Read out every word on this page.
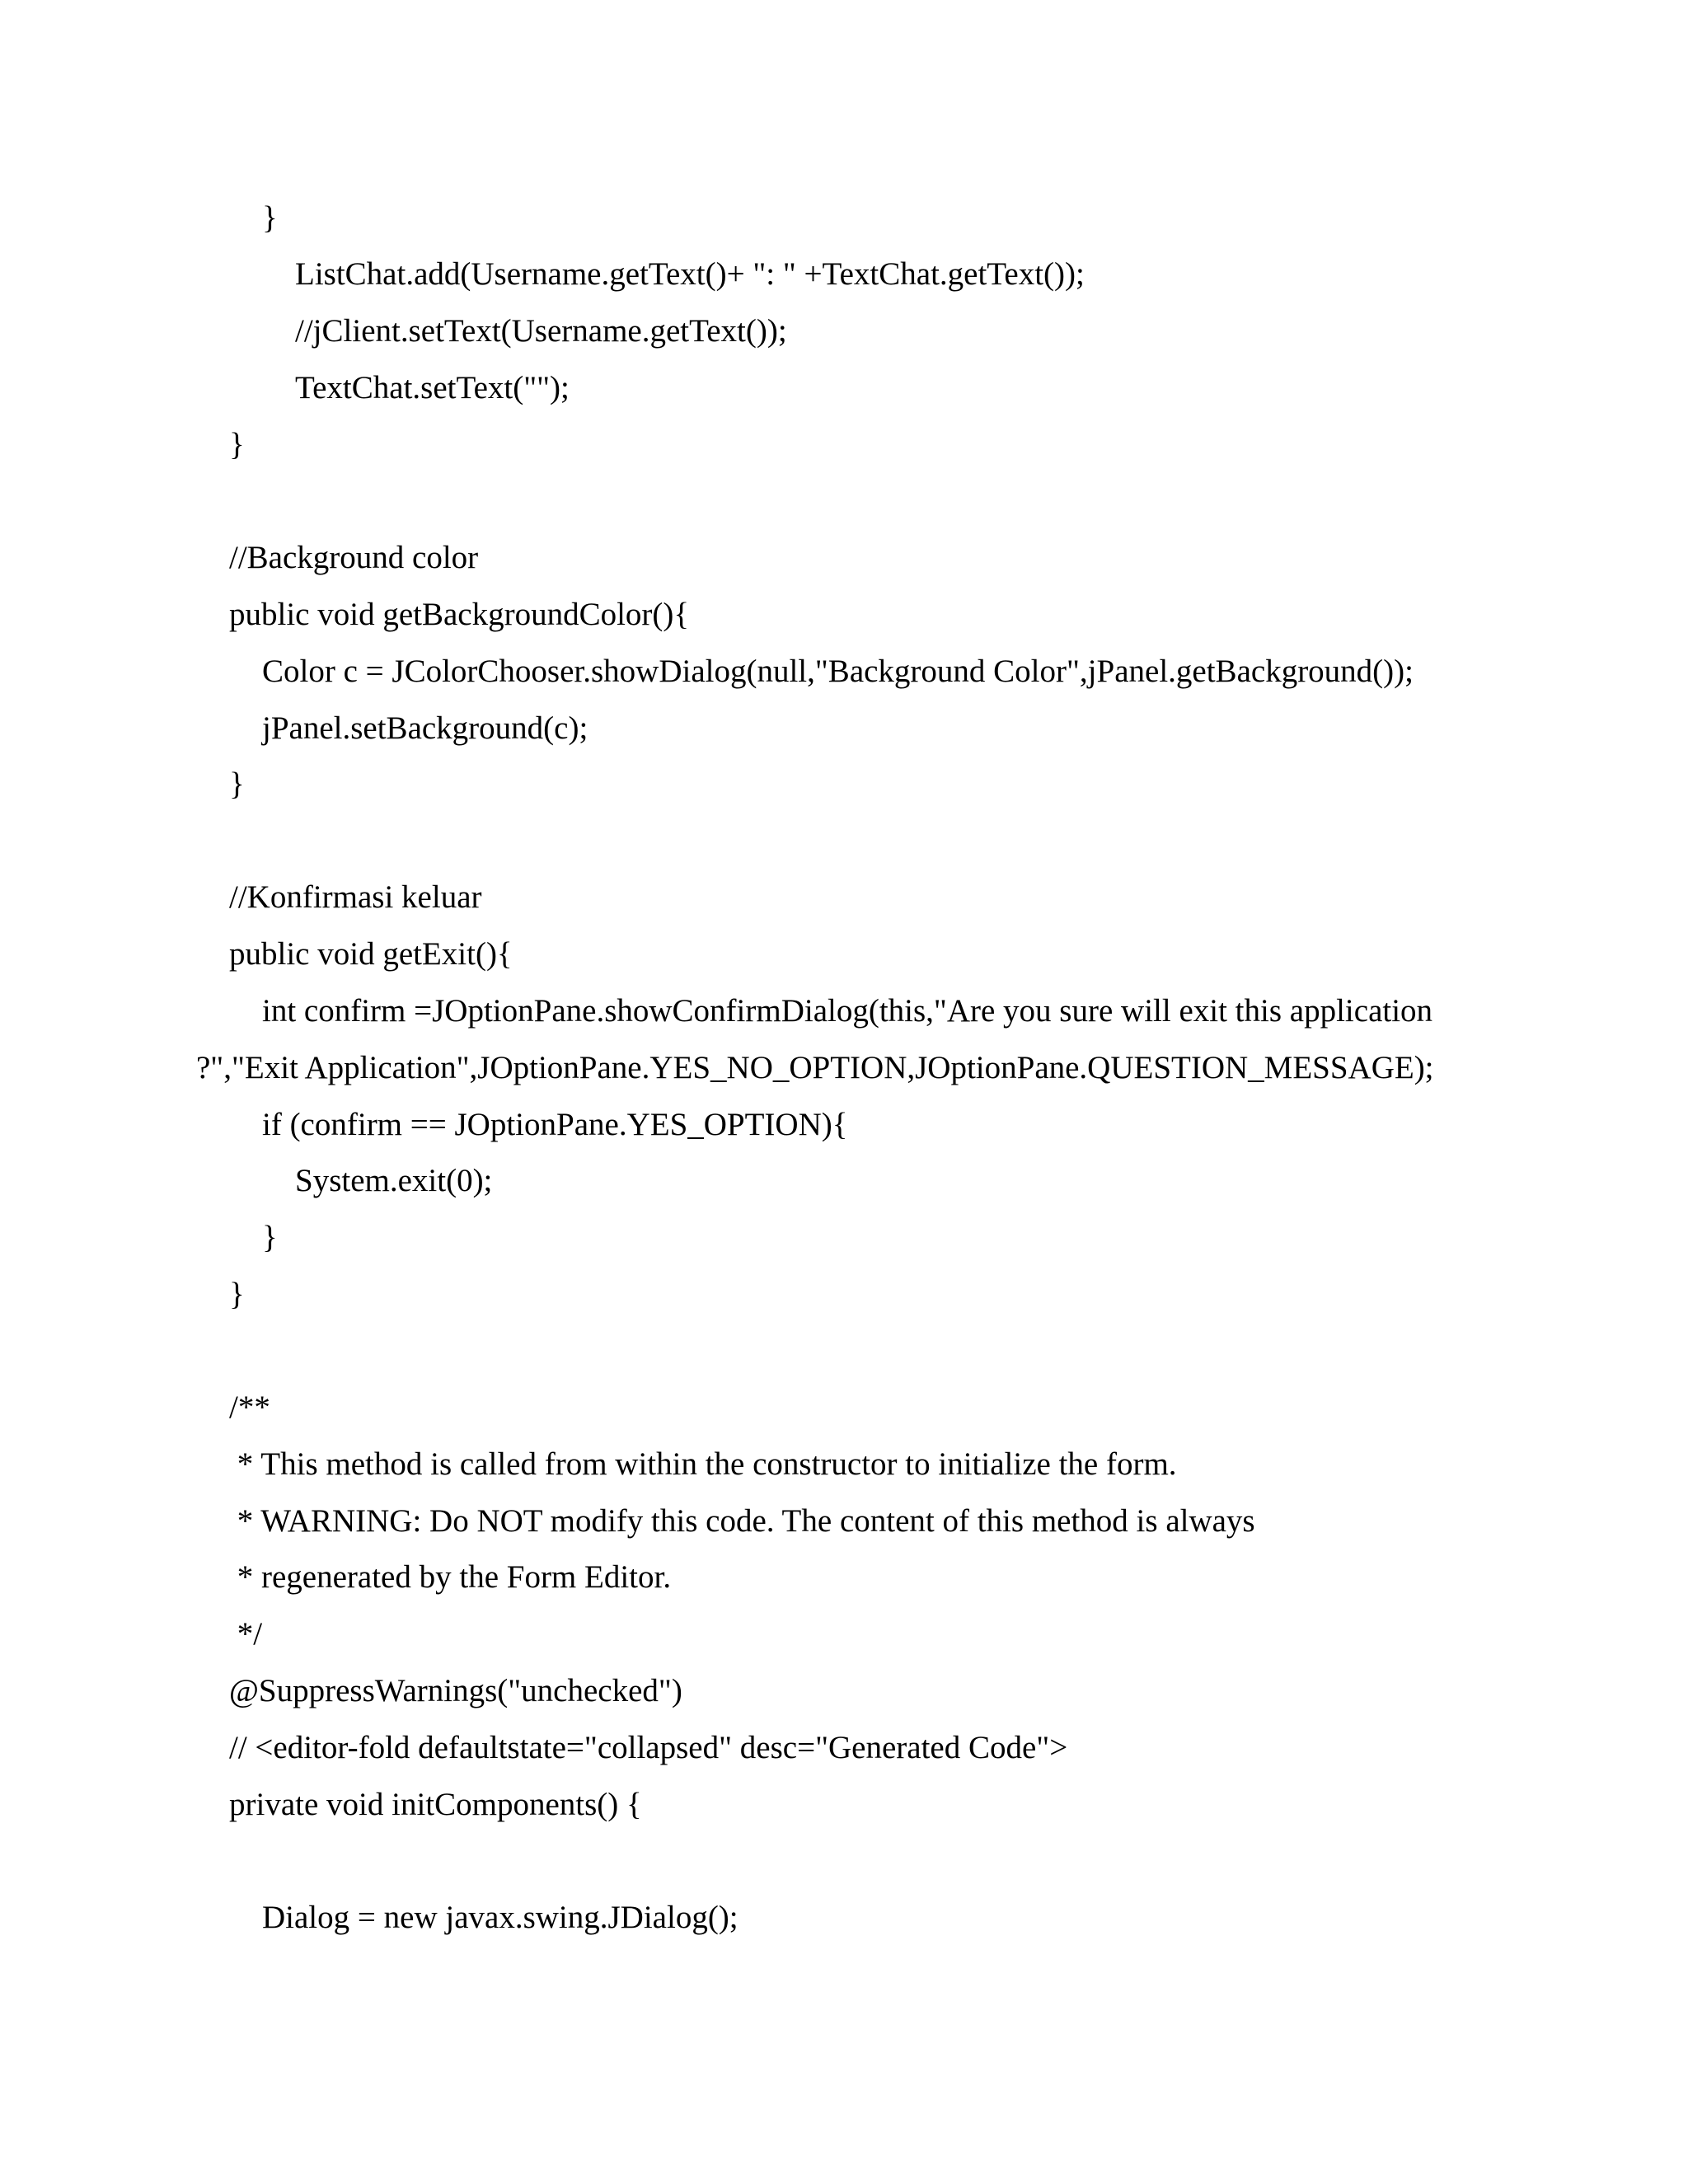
}
ListChat.add(Username.getText()+ ": " +TextChat.getText());
//jClient.setText(Username.getText());
TextChat.setText("");
}
//Background color
public void getBackgroundColor(){
Color c = JColorChooser.showDialog(null,"Background Color",jPanel.getBackground());
jPanel.setBackground(c);
}
//Konfirmasi keluar
public void getExit(){
int confirm =JOptionPane.showConfirmDialog(this,"Are you sure will exit this application
?","Exit Application",JOptionPane.YES_NO_OPTION,JOptionPane.QUESTION_MESSAGE);
if (confirm == JOptionPane.YES_OPTION){
System.exit(0);
}
}
/**
* This method is called from within the constructor to initialize the form.
* WARNING: Do NOT modify this code. The content of this method is always
* regenerated by the Form Editor.
*/
@SuppressWarnings("unchecked")
// <editor-fold defaultstate="collapsed" desc="Generated Code">
private void initComponents() {
Dialog = new javax.swing.JDialog();
